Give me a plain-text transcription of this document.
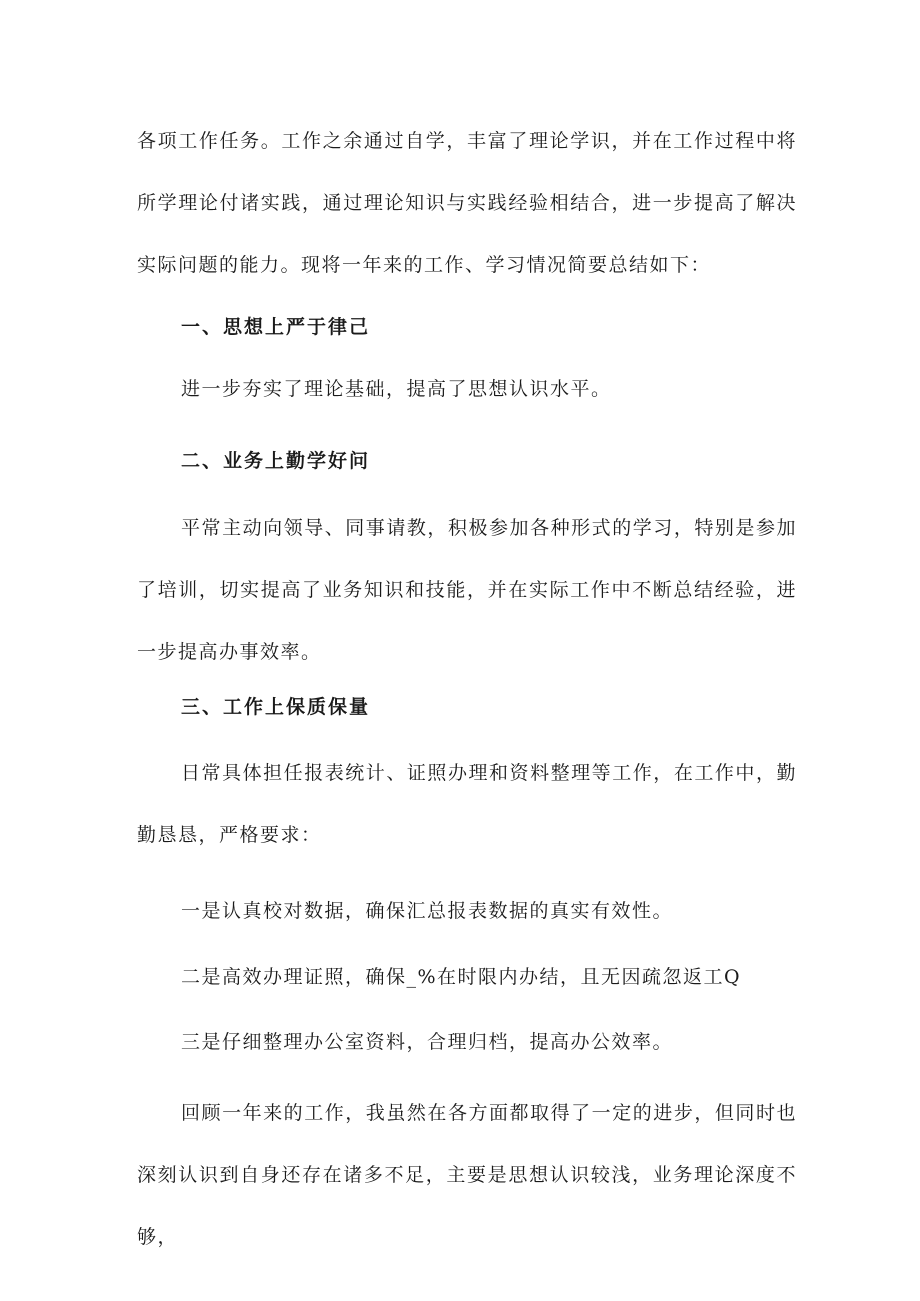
各项工作任务。工作之余通过自学，丰富了理论学识，并在工作过程中将所学理论付诸实践，通过理论知识与实践经验相结合，进一步提高了解决实际问题的能力。现将一年来的工作、学习情况简要总结如下：

一、思想上严于律己

进一步夯实了理论基础，提高了思想认识水平。

二、业务上勤学好问

平常主动向领导、同事请教，积极参加各种形式的学习，特别是参加了培训，切实提高了业务知识和技能，并在实际工作中不断总结经验，进一步提高办事效率。

三、工作上保质保量

日常具体担任报表统计、证照办理和资料整理等工作，在工作中，勤勤恳恳，严格要求：

一是认真校对数据，确保汇总报表数据的真实有效性。

二是高效办理证照，确保_%在时限内办结，且无因疏忽返工Q

三是仔细整理办公室资料，合理归档，提高办公效率。

回顾一年来的工作，我虽然在各方面都取得了一定的进步，但同时也深刻认识到自身还存在诸多不足，主要是思想认识较浅，业务理论深度不够，
